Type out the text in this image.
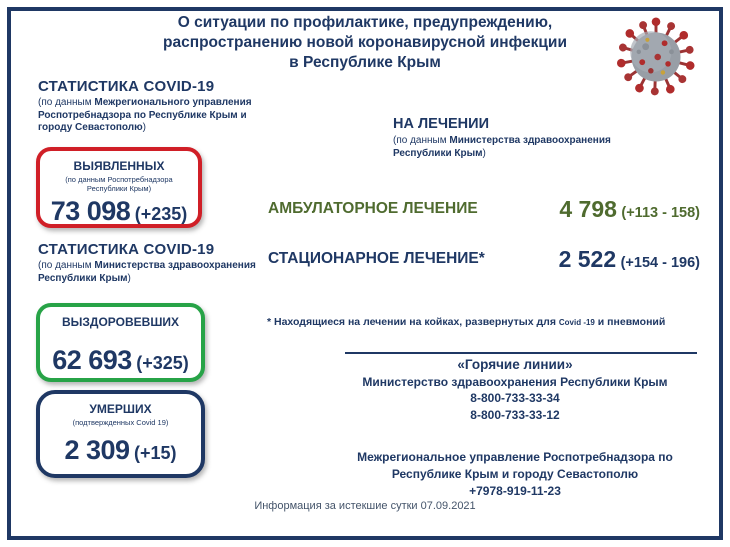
О ситуации по профилактике, предупреждению,
распространению новой коронавирусной инфекции
в Республике Крым
СТАТИСТИКА COVID-19
(по данным Межрегионального управления Роспотребнадзора по Республике Крым и городу Севастополю)
ВЫЯВЛЕННЫХ
(по данным Роспотребнадзора
Республики Крым)
73 098 (+235)
СТАТИСТИКА COVID-19
(по данным Министерства здравоохранения Республики Крым)
ВЫЗДОРОВЕВШИХ
62 693 (+325)
УМЕРШИХ
(подтвержденных Covid 19)
2 309 (+15)
НА ЛЕЧЕНИИ
(по данным Министерства здравоохранения Республики Крым)
АМБУЛАТОРНОЕ ЛЕЧЕНИЕ	4 798 (+113 - 158)
СТАЦИОНАРНОЕ ЛЕЧЕНИЕ*	2 522 (+154 - 196)
* Находящиеся на лечении на койках, развернутых для Covid -19 и пневмоний
«Горячие линии»
Министерство здравоохранения Республики Крым
8-800-733-33-34
8-800-733-33-12
Межрегиональное управление Роспотребнадзора по Республике Крым и городу Севастополю
+7978-919-11-23
Информация за истекшие сутки 07.09.2021
